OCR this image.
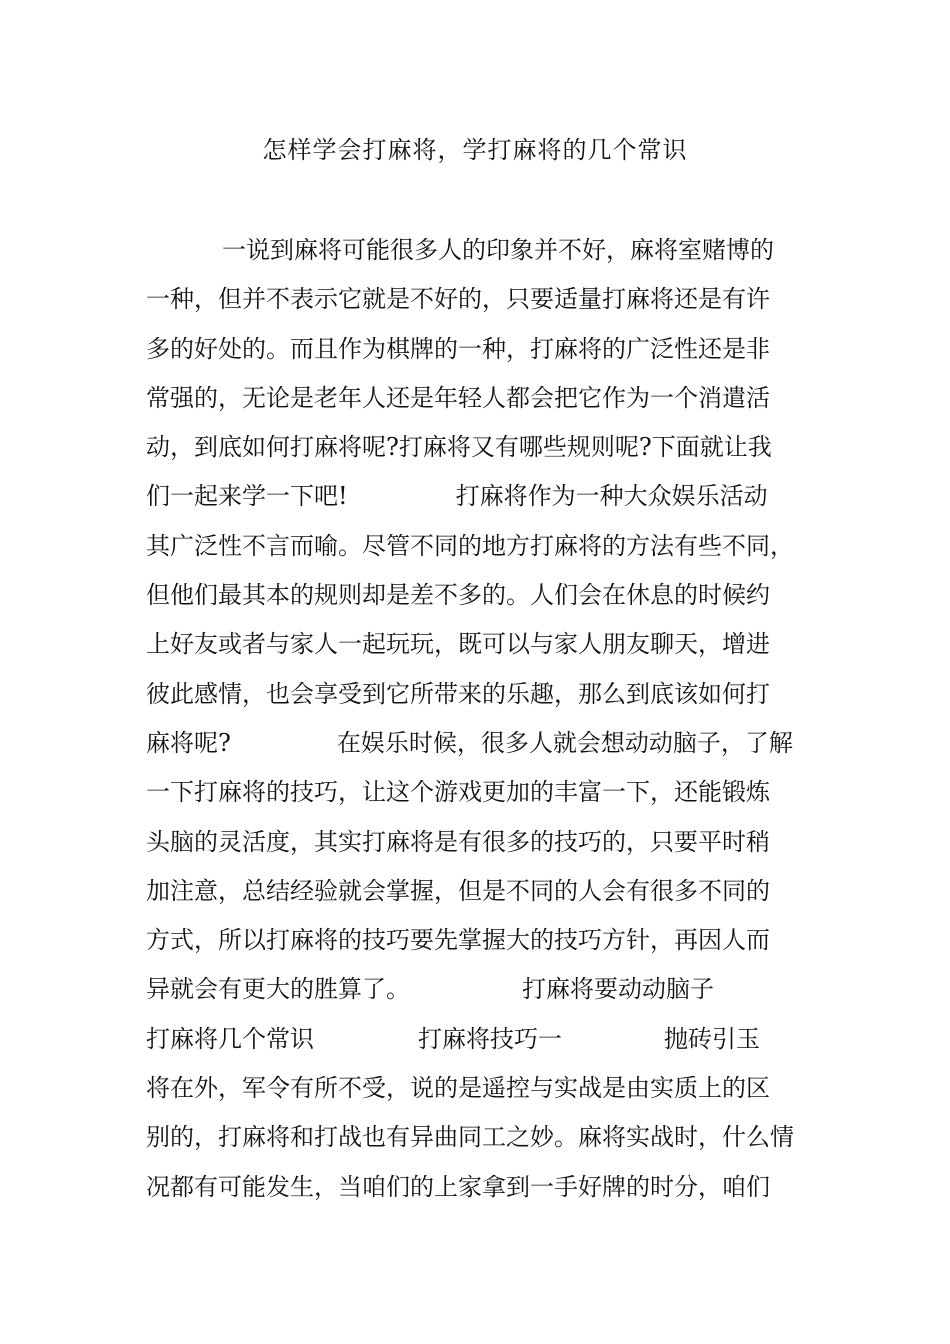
怎样学会打麻将，学打麻将的几个常识
一说到麻将可能很多人的印象并不好，麻将室赌博的
一种，但并不表示它就是不好的，只要适量打麻将还是有许
多的好处的。而且作为棋牌的一种，打麻将的广泛性还是非
常强的，无论是老年人还是年轻人都会把它作为一个消遣活
动，到底如何打麻将呢?打麻将又有哪些规则呢?下面就让我
们一起来学一下吧!	打麻将作为一种大众娱乐活动
其广泛性不言而喻。尽管不同的地方打麻将的方法有些不同，
但他们最其本的规则却是差不多的。人们会在休息的时候约
上好友或者与家人一起玩玩，既可以与家人朋友聊天，增进
彼此感情，也会享受到它所带来的乐趣，那么到底该如何打
麻将呢?	在娱乐时候，很多人就会想动动脑子，了解
一下打麻将的技巧，让这个游戏更加的丰富一下，还能锻炼
头脑的灵活度，其实打麻将是有很多的技巧的，只要平时稍
加注意，总结经验就会掌握，但是不同的人会有很多不同的
方式，所以打麻将的技巧要先掌握大的技巧方针，再因人而
异就会有更大的胜算了。	打麻将要动动脑子
打麻将几个常识	打麻将技巧一	抛砖引玉
将在外，军令有所不受，说的是遥控与实战是由实质上的区
别的，打麻将和打战也有异曲同工之妙。麻将实战时，什么情
况都有可能发生，当咱们的上家拿到一手好牌的时分，咱们
